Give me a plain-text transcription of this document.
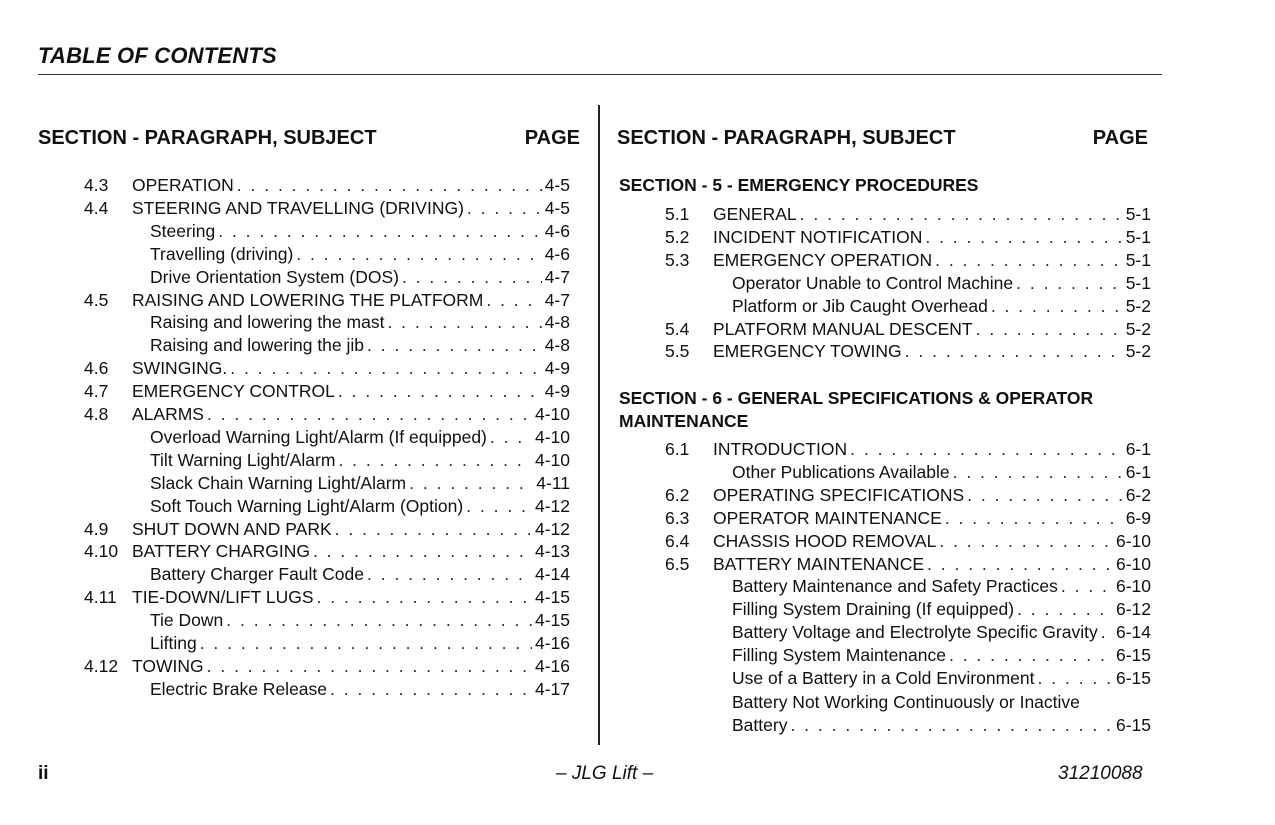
TABLE OF CONTENTS
SECTION - PARAGRAPH, SUBJECT	PAGE SECTION - PARAGRAPH, SUBJECT	PAGE
4.3 OPERATION . . .	4-5
4.4 STEERING AND TRAVELLING (DRIVING) . . .	4-5
Steering . . .	4-6
Travelling (driving) . . .	4-6
Drive Orientation System (DOS) . . .	4-7
4.5 RAISING AND LOWERING THE PLATFORM . . .	4-7
Raising and lowering the mast . . .	4-8
Raising and lowering the jib . . .	4-8
4.6 SWINGING. . . .	4-9
4.7 EMERGENCY CONTROL . . .	4-9
4.8 ALARMS . . .	4-10
Overload Warning Light/Alarm (If equipped) . . .	4-10
Tilt Warning Light/Alarm . . .	4-10
Slack Chain Warning Light/Alarm . . .	4-11
Soft Touch Warning Light/Alarm (Option) . . .	4-12
4.9 SHUT DOWN AND PARK . . .	4-12
4.10 BATTERY CHARGING . . .	4-13
Battery Charger Fault Code . . .	4-14
4.11 TIE-DOWN/LIFT LUGS . . .	4-15
Tie Down . . .	4-15
Lifting . . .	4-16
4.12 TOWING . . .	4-16
Electric Brake Release . . .	4-17
SECTION - 5 - EMERGENCY PROCEDURES
5.1 GENERAL . . .	5-1
5.2 INCIDENT NOTIFICATION . . .	5-1
5.3 EMERGENCY OPERATION . . .	5-1
Operator Unable to Control Machine . . .	5-1
Platform or Jib Caught Overhead . . .	5-2
5.4 PLATFORM MANUAL DESCENT . . .	5-2
5.5 EMERGENCY TOWING . . .	5-2
SECTION - 6 - GENERAL SPECIFICATIONS & OPERATOR
MAINTENANCE
6.1 INTRODUCTION . . .	6-1
Other Publications Available . . .	6-1
6.2 OPERATING SPECIFICATIONS . . .	6-2
6.3 OPERATOR MAINTENANCE . . .	6-9
6.4 CHASSIS HOOD REMOVAL . . .	6-10
6.5 BATTERY MAINTENANCE . . .	6-10
Battery Maintenance and Safety Practices . . .	6-10
Filling System Draining (If equipped) . . .	6-12
Battery Voltage and Electrolyte Specific Gravity . . . 6-14
Filling System Maintenance . . .	6-15
Use of a Battery in a Cold Environment . . .	6-15
Battery Not Working Continuously or Inactive
Battery . . .	6-15
ii	– JLG Lift –	31210088
